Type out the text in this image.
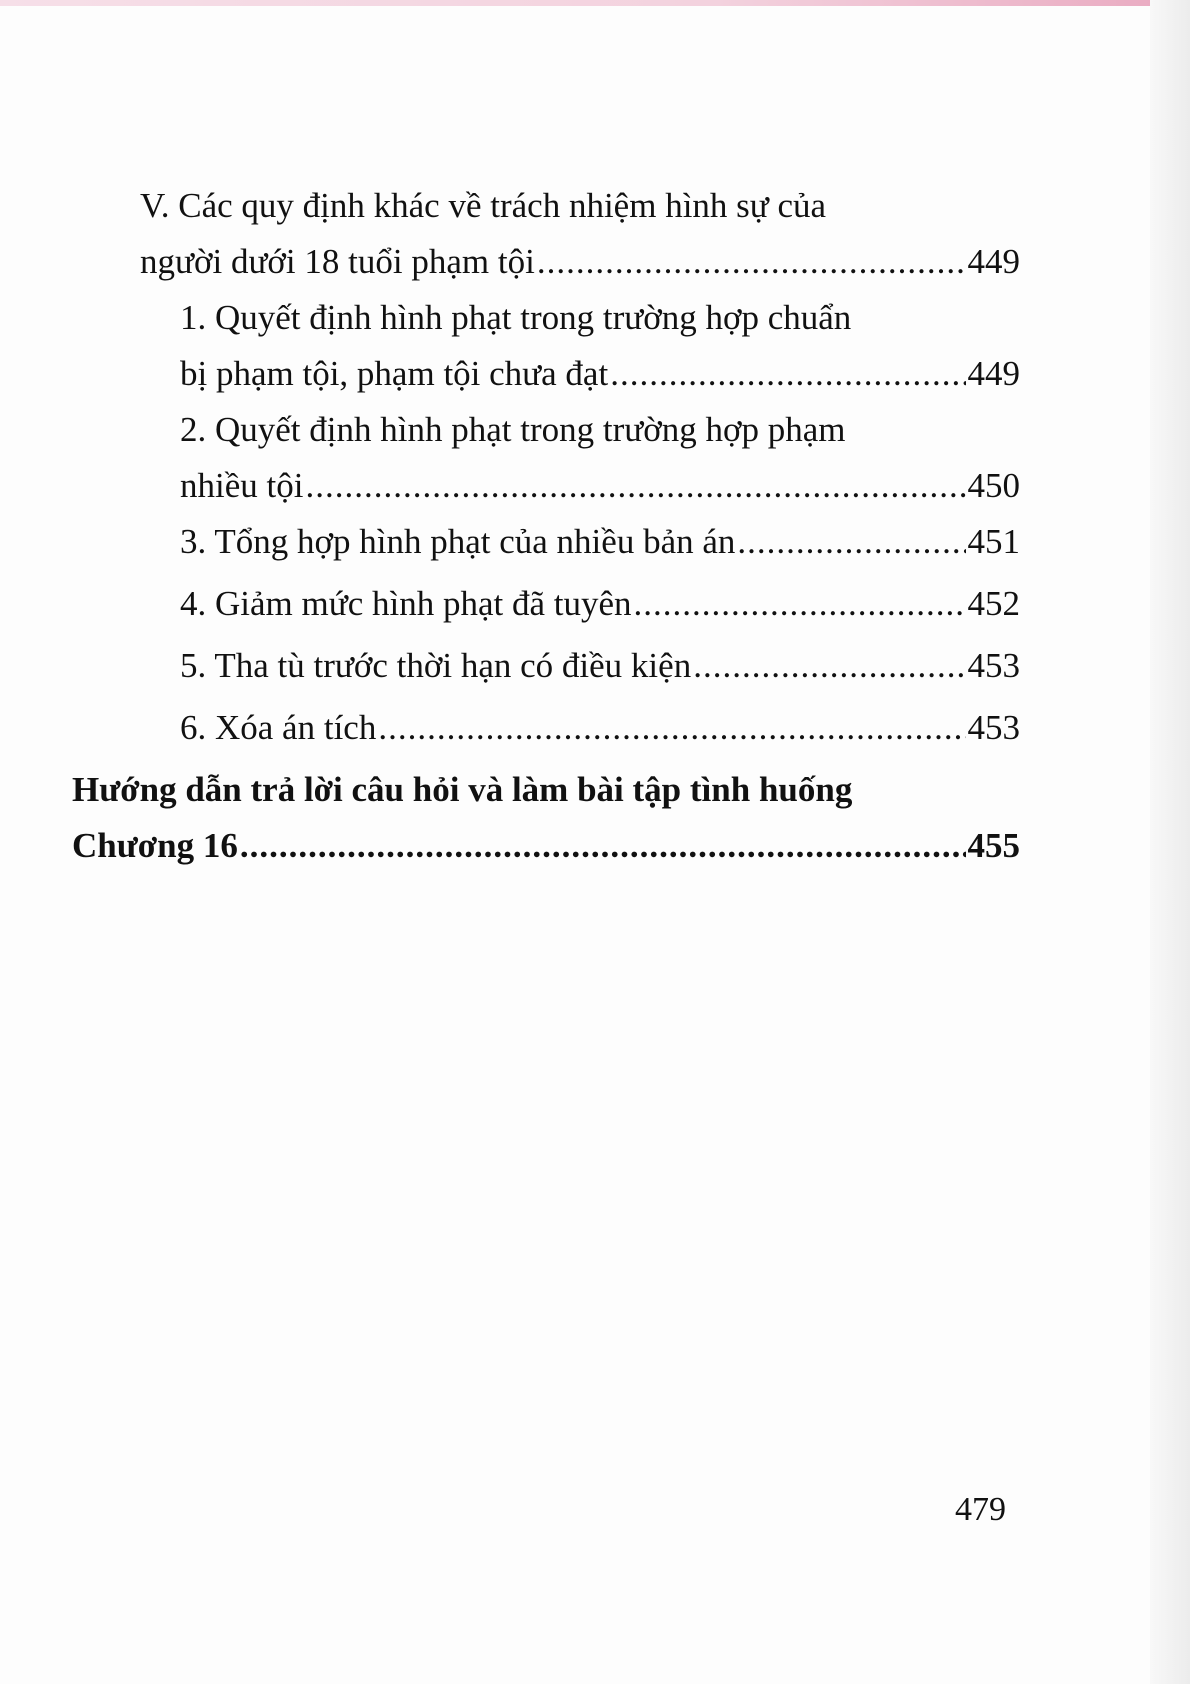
V. Các quy định khác về trách nhiệm hình sự của
người dưới 18 tuổi phạm tội .....	449
1. Quyết định hình phạt trong trường hợp chuẩn
bị phạm tội, phạm tội chưa đạt .....	449
2. Quyết định hình phạt trong trường hợp phạm
nhiều tội .....	450
3. Tổng hợp hình phạt của nhiều bản án .....	451
4. Giảm mức hình phạt đã tuyên .....	452
5. Tha tù trước thời hạn có điều kiện .....	453
6. Xóa án tích .....	453
Hướng dẫn trả lời câu hỏi và làm bài tập tình huống
Chương 16 .....	455
479
